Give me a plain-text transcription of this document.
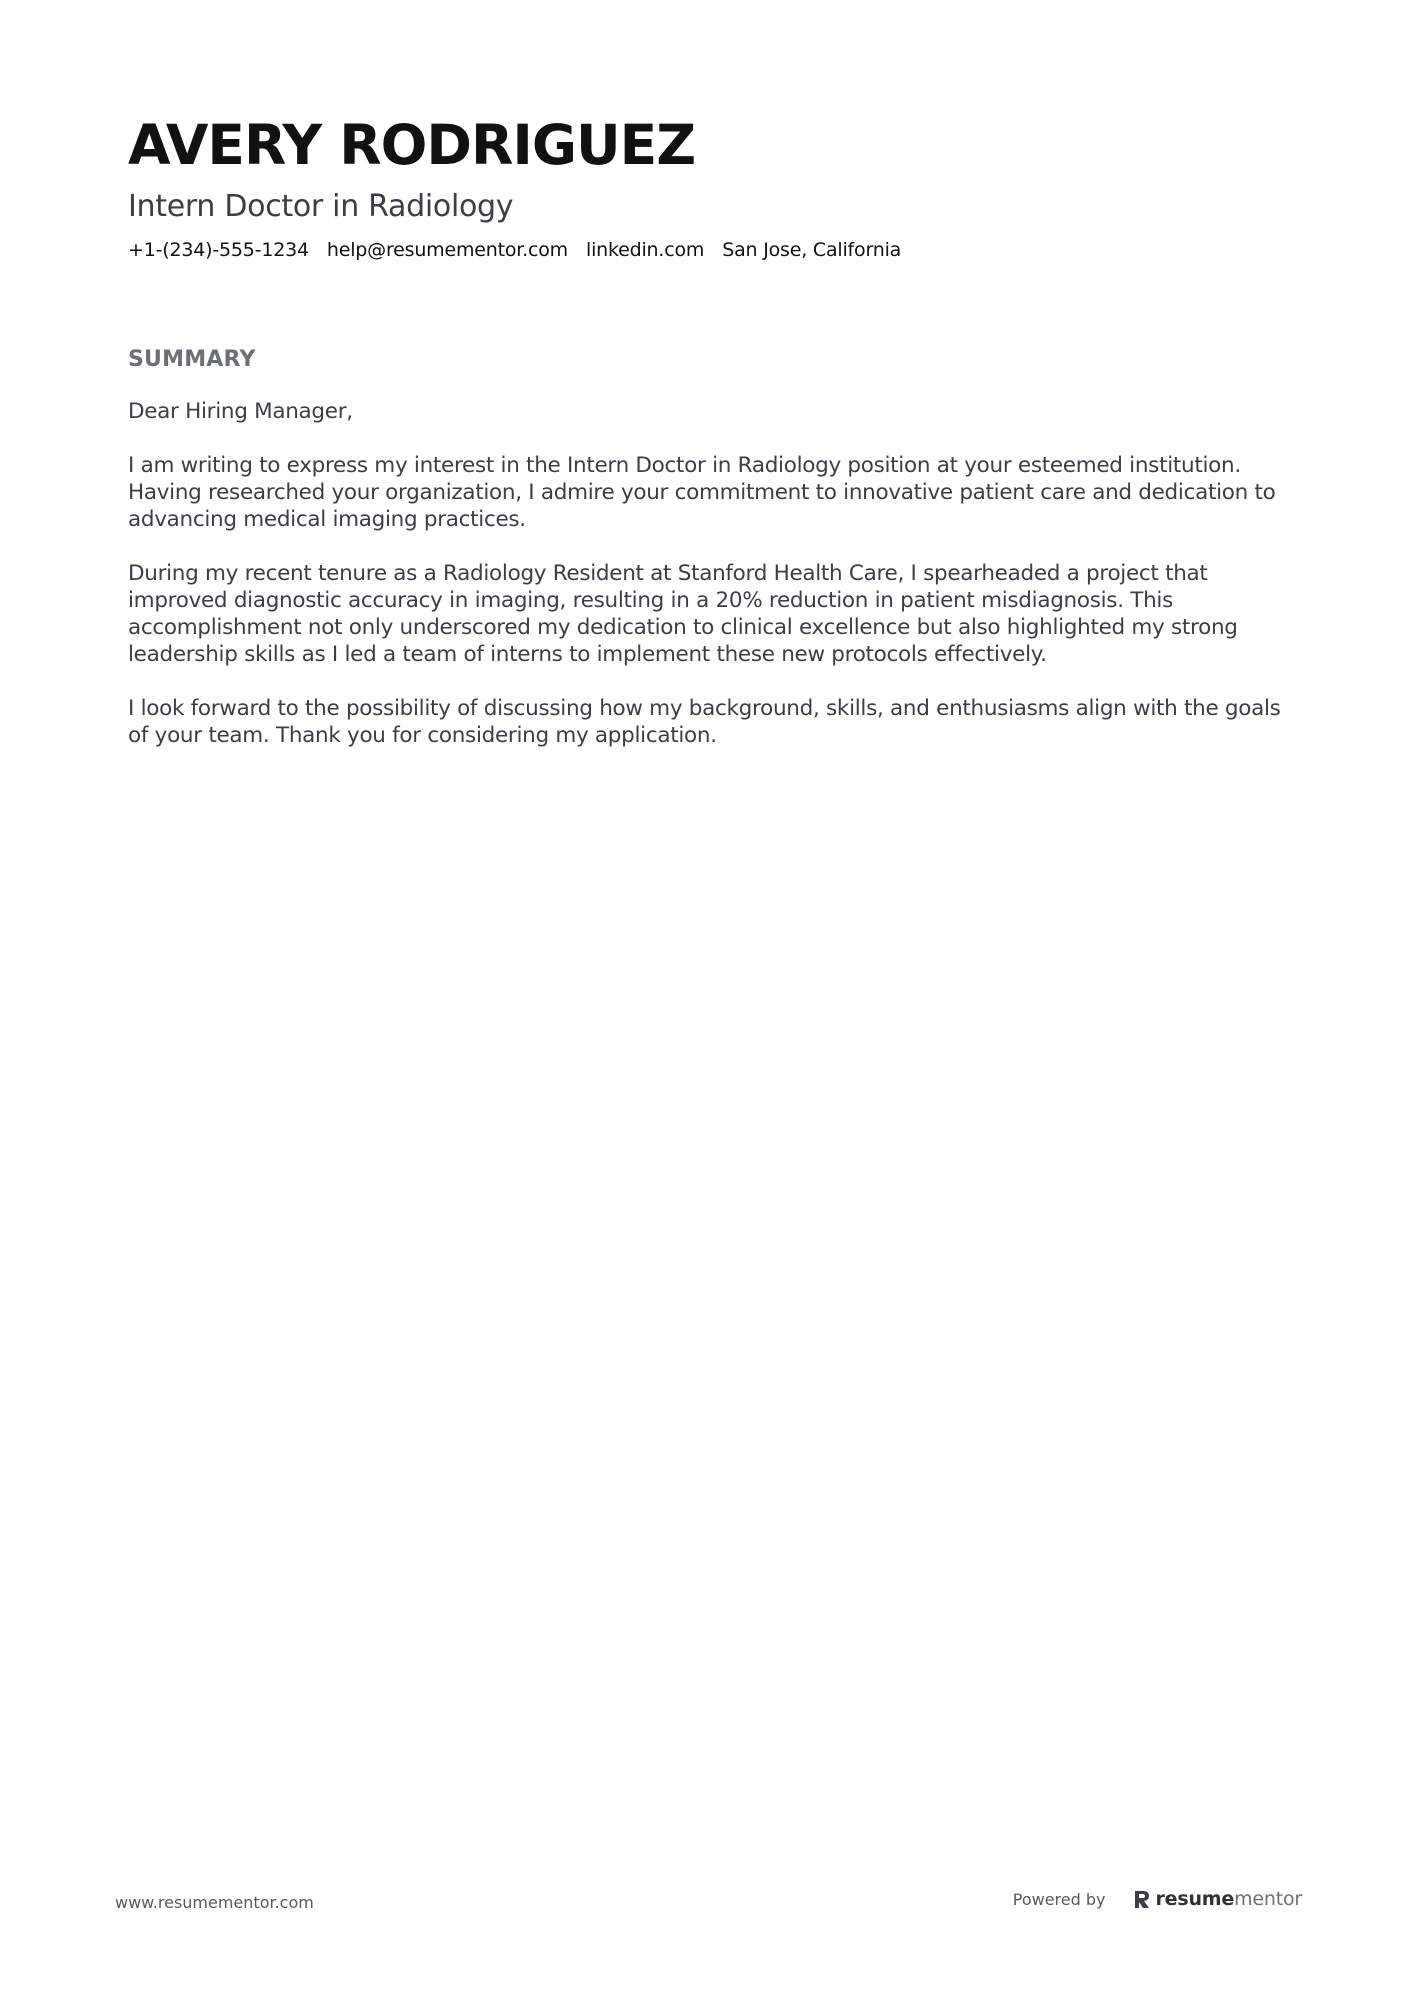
AVERY RODRIGUEZ
Intern Doctor in Radiology
+1-(234)-555-1234 help@resumementor.com linkedin.com San Jose, California
SUMMARY

Dear Hiring Manager,

I am writing to express my interest in the Intern Doctor in Radiology position at your esteemed institution. Having researched your organization, I admire your commitment to innovative patient care and dedication to advancing medical imaging practices.

During my recent tenure as a Radiology Resident at Stanford Health Care, I spearheaded a project that improved diagnostic accuracy in imaging, resulting in a 20% reduction in patient misdiagnosis. This accomplishment not only underscored my dedication to clinical excellence but also highlighted my strong leadership skills as I led a team of interns to implement these new protocols effectively.

I look forward to the possibility of discussing how my background, skills, and enthusiasms align with the goals of your team. Thank you for considering my application.

www.resumementor.com	Powered by	resumementor
